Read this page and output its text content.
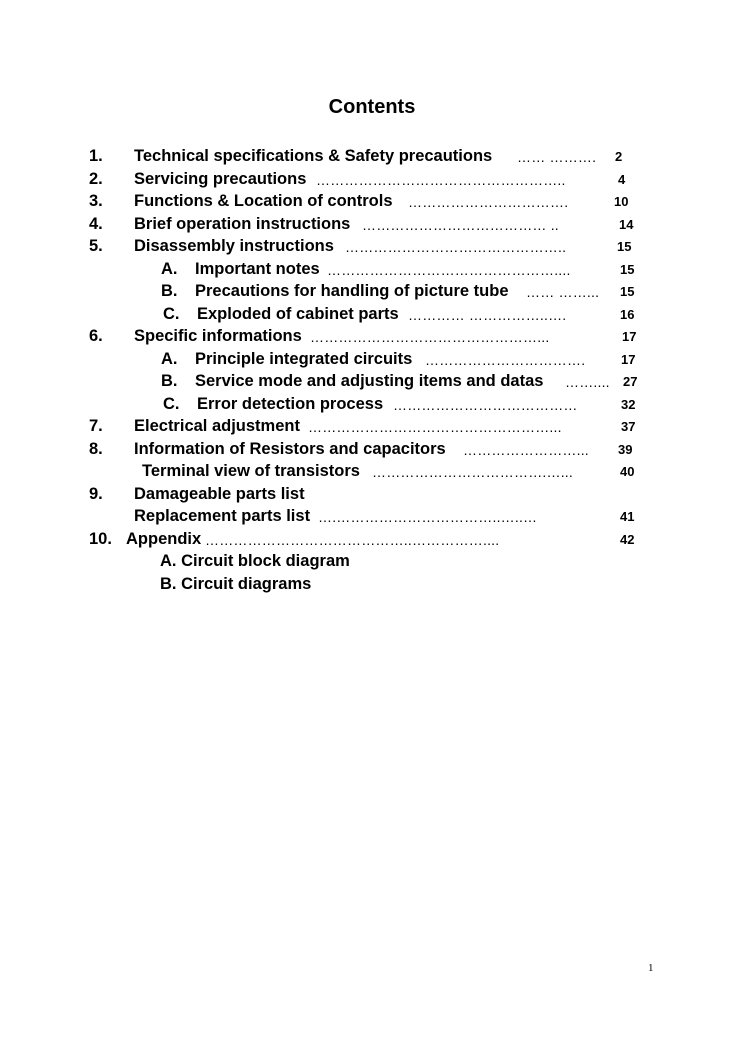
Contents
1. Technical specifications & Safety precautions …… ………. 2
2. Servicing precautions ……………………………………………..	4
3. Functions & Location of controls …………………………….	10
4. Brief operation instructions ………………………………… ..	14
5. Disassembly instructions ………………………………………..	15
A. Important notes …………………………………………....	15
B. Precautions for handling of picture tube …… ……... 15
C. Exploded of cabinet parts ………… ……………..….	16
6. Specific informations …………………………………………...	17
A. Principle integrated circuits …………………………….	17
B. Service mode and adjusting items and datas …….... 27
C. Error detection process …………………………………	32
7. Electrical adjustment ……………………………………………...	37
8. Information of Resistors and capacitors ……………………... 39
Terminal view of transistors ……………………………….…...	40
9. Damageable parts list
Replacement parts list ….……………………………..…..…	41
10. Appendix ……………………………………..……………....	42
A. Circuit block diagram
B. Circuit diagrams
1
